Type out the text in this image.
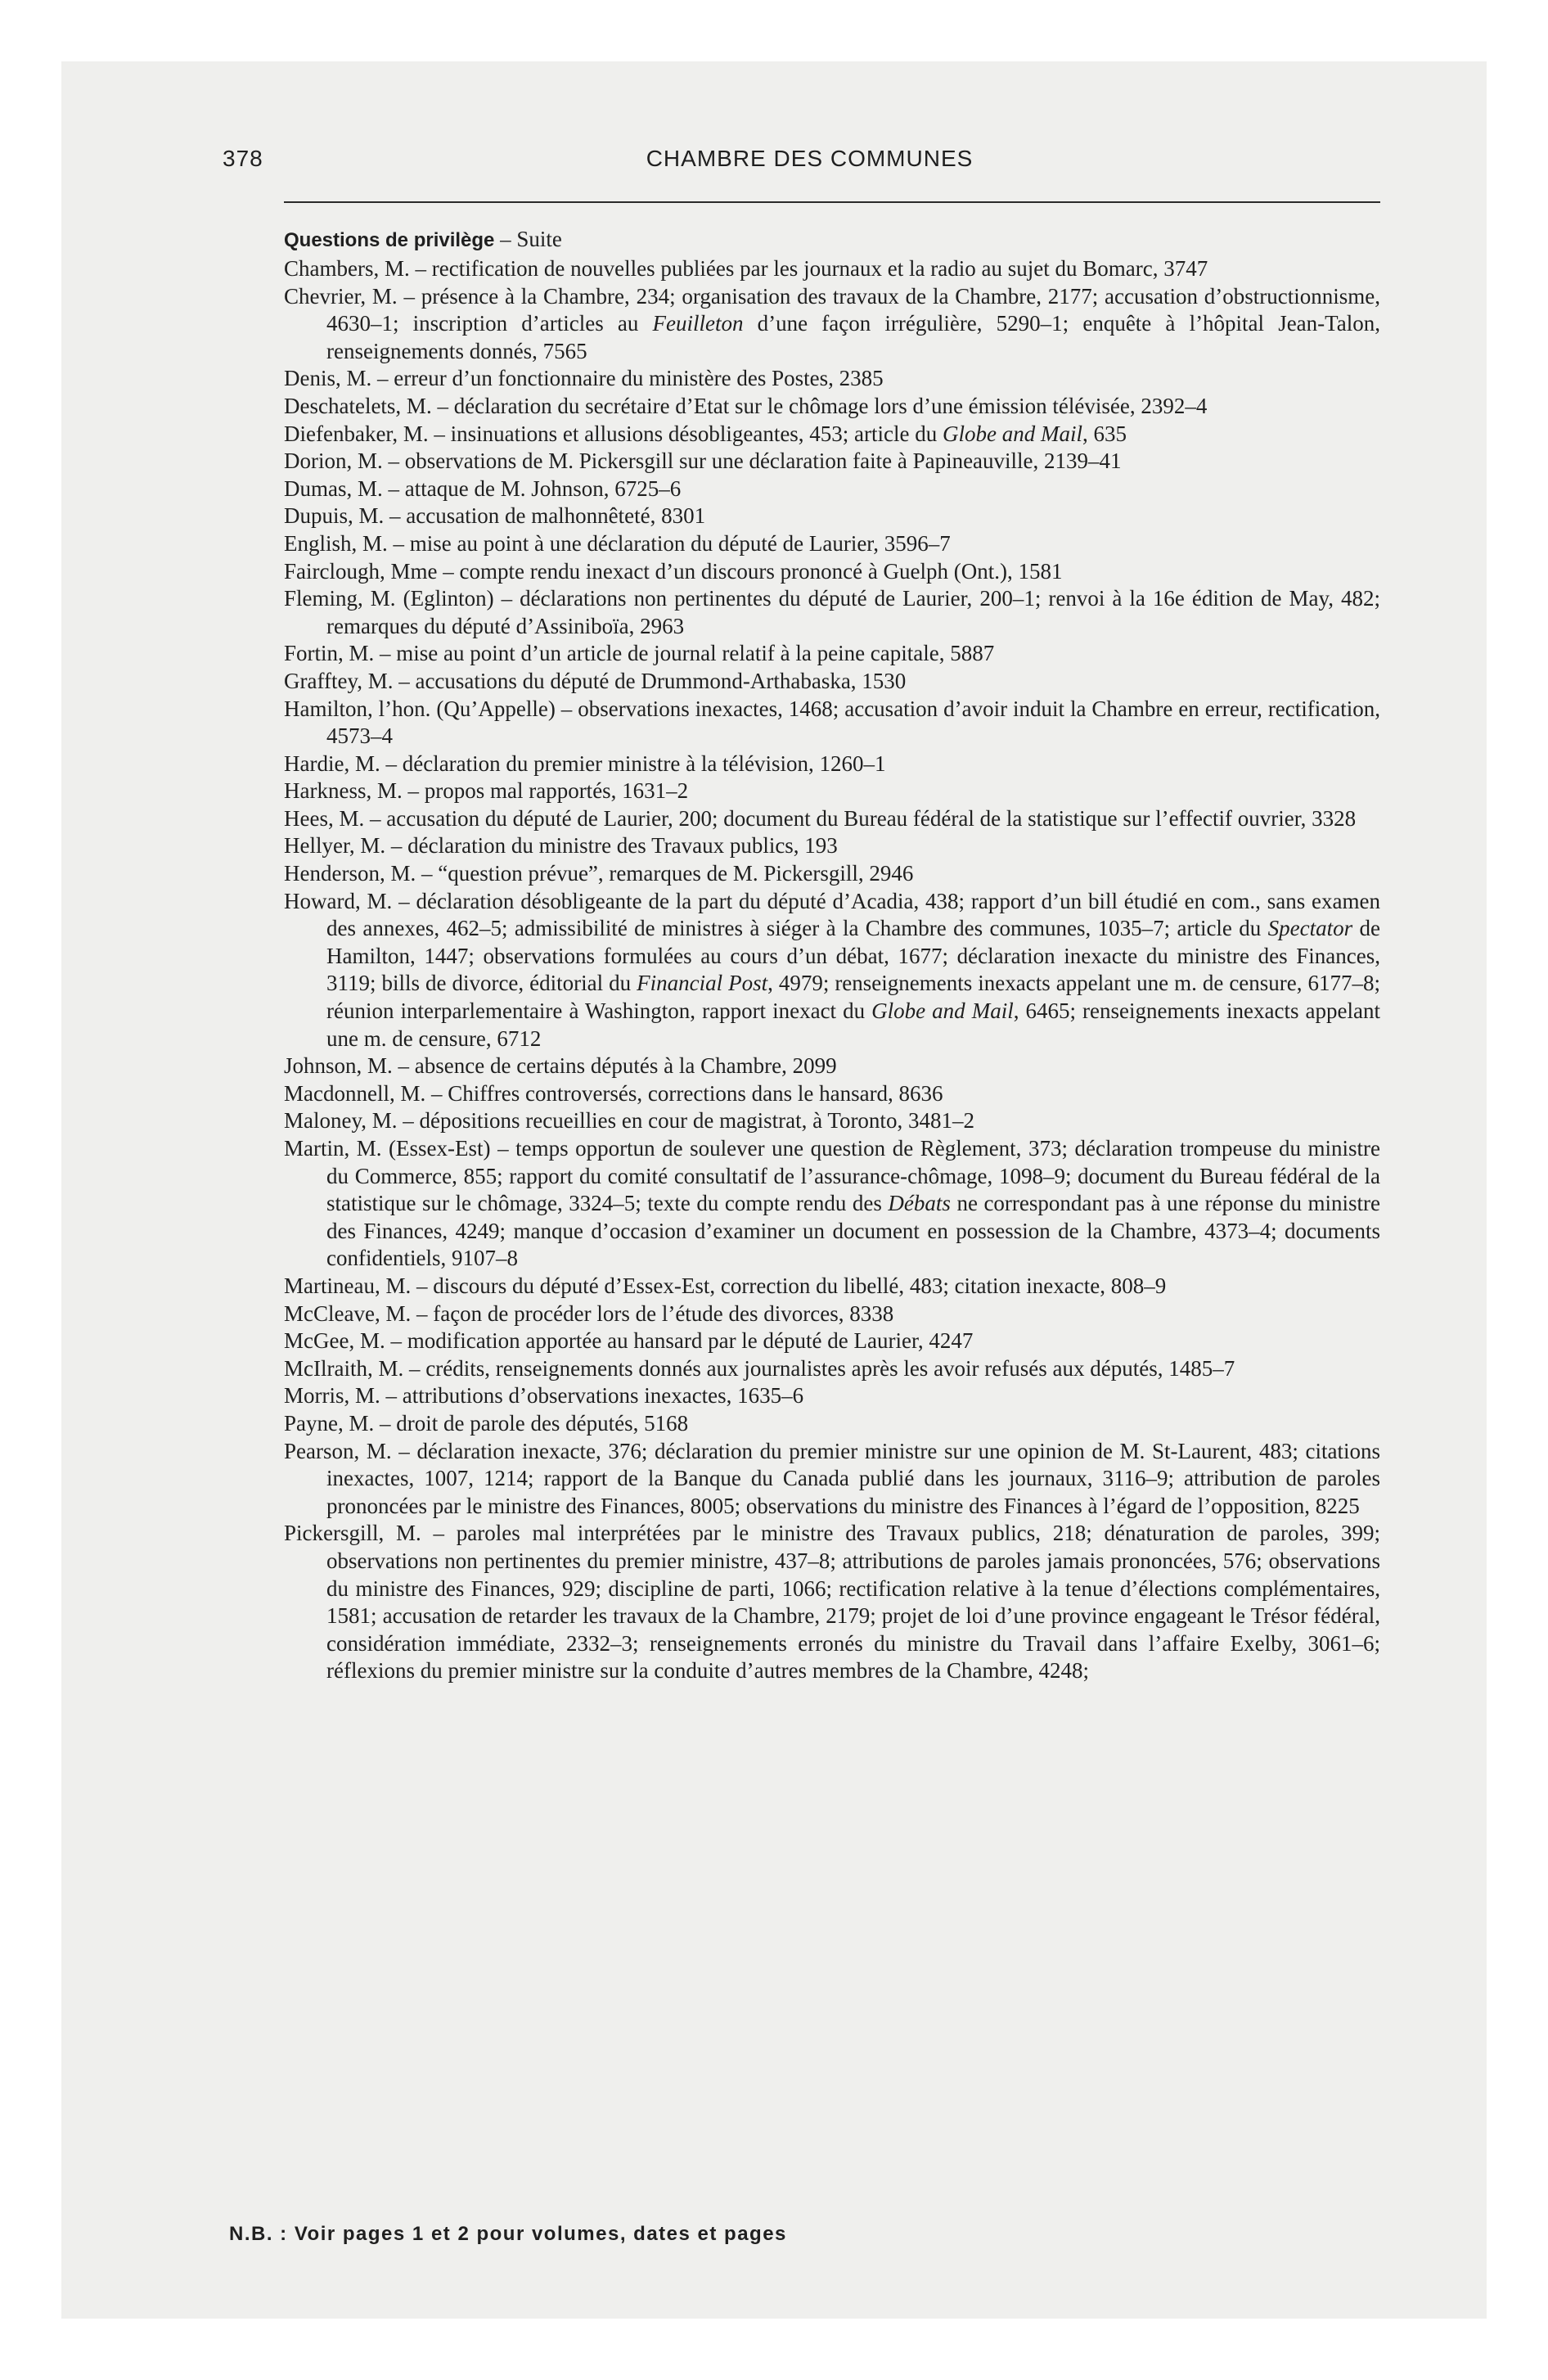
378	CHAMBRE DES COMMUNES
Questions de privilège – Suite
Chambers, M. – rectification de nouvelles publiées par les journaux et la radio au sujet du Bomarc, 3747
Chevrier, M. – présence à la Chambre, 234; organisation des travaux de la Chambre, 2177; accusation d’obstructionnisme, 4630–1; inscription d’articles au Feuilleton d’une façon irrégulière, 5290–1; enquête à l’hôpital Jean-Talon, renseignements donnés, 7565
Denis, M. – erreur d’un fonctionnaire du ministère des Postes, 2385
Deschatelets, M. – déclaration du secrétaire d’Etat sur le chômage lors d’une émission télévisée, 2392–4
Diefenbaker, M. – insinuations et allusions désobligeantes, 453; article du Globe and Mail, 635
Dorion, M. – observations de M. Pickersgill sur une déclaration faite à Papineauville, 2139–41
Dumas, M. – attaque de M. Johnson, 6725–6
Dupuis, M. – accusation de malhonnêteté, 8301
English, M. – mise au point à une déclaration du député de Laurier, 3596–7
Fairclough, Mme – compte rendu inexact d’un discours prononcé à Guelph (Ont.), 1581
Fleming, M. (Eglinton) – déclarations non pertinentes du député de Laurier, 200–1; renvoi à la 16e édition de May, 482; remarques du député d’Assiniboïa, 2963
Fortin, M. – mise au point d’un article de journal relatif à la peine capitale, 5887
Grafftey, M. – accusations du député de Drummond-Arthabaska, 1530
Hamilton, l’hon. (Qu’Appelle) – observations inexactes, 1468; accusation d’avoir induit la Chambre en erreur, rectification, 4573–4
Hardie, M. – déclaration du premier ministre à la télévision, 1260–1
Harkness, M. – propos mal rapportés, 1631–2
Hees, M. – accusation du député de Laurier, 200; document du Bureau fédéral de la statistique sur l’effectif ouvrier, 3328
Hellyer, M. – déclaration du ministre des Travaux publics, 193
Henderson, M. – “question prévue”, remarques de M. Pickersgill, 2946
Howard, M. – déclaration désobligeante de la part du député d’Acadia, 438; rapport d’un bill étudié en com., sans examen des annexes, 462–5; admissibilité de ministres à siéger à la Chambre des communes, 1035–7; article du Spectator de Hamilton, 1447; observations formulées au cours d’un débat, 1677; déclaration inexacte du ministre des Finances, 3119; bills de divorce, éditorial du Financial Post, 4979; renseignements inexacts appelant une m. de censure, 6177–8; réunion interparlementaire à Washington, rapport inexact du Globe and Mail, 6465; renseignements inexacts appelant une m. de censure, 6712
Johnson, M. – absence de certains députés à la Chambre, 2099
Macdonnell, M. – Chiffres controversés, corrections dans le hansard, 8636
Maloney, M. – dépositions recueillies en cour de magistrat, à Toronto, 3481–2
Martin, M. (Essex-Est) – temps opportun de soulever une question de Règlement, 373; déclaration trompeuse du ministre du Commerce, 855; rapport du comité consultatif de l’assurance-chômage, 1098–9; document du Bureau fédéral de la statistique sur le chômage, 3324–5; texte du compte rendu des Débats ne correspondant pas à une réponse du ministre des Finances, 4249; manque d’occasion d’examiner un document en possession de la Chambre, 4373–4; documents confidentiels, 9107–8
Martineau, M. – discours du député d’Essex-Est, correction du libellé, 483; citation inexacte, 808–9
McCleave, M. – façon de procéder lors de l’étude des divorces, 8338
McGee, M. – modification apportée au hansard par le député de Laurier, 4247
McIlraith, M. – crédits, renseignements donnés aux journalistes après les avoir refusés aux députés, 1485–7
Morris, M. – attributions d’observations inexactes, 1635–6
Payne, M. – droit de parole des députés, 5168
Pearson, M. – déclaration inexacte, 376; déclaration du premier ministre sur une opinion de M. St-Laurent, 483; citations inexactes, 1007, 1214; rapport de la Banque du Canada publié dans les journaux, 3116–9; attribution de paroles prononcées par le ministre des Finances, 8005; observations du ministre des Finances à l’égard de l’opposition, 8225
Pickersgill, M. – paroles mal interprétées par le ministre des Travaux publics, 218; dénaturation de paroles, 399; observations non pertinentes du premier ministre, 437–8; attributions de paroles jamais prononcées, 576; observations du ministre des Finances, 929; discipline de parti, 1066; rectification relative à la tenue d’élections complémentaires, 1581; accusation de retarder les travaux de la Chambre, 2179; projet de loi d’une province engageant le Trésor fédéral, considération immédiate, 2332–3; renseignements erronés du ministre du Travail dans l’affaire Exelby, 3061–6; réflexions du premier ministre sur la conduite d’autres membres de la Chambre, 4248;
N.B. : Voir pages 1 et 2 pour volumes, dates et pages
